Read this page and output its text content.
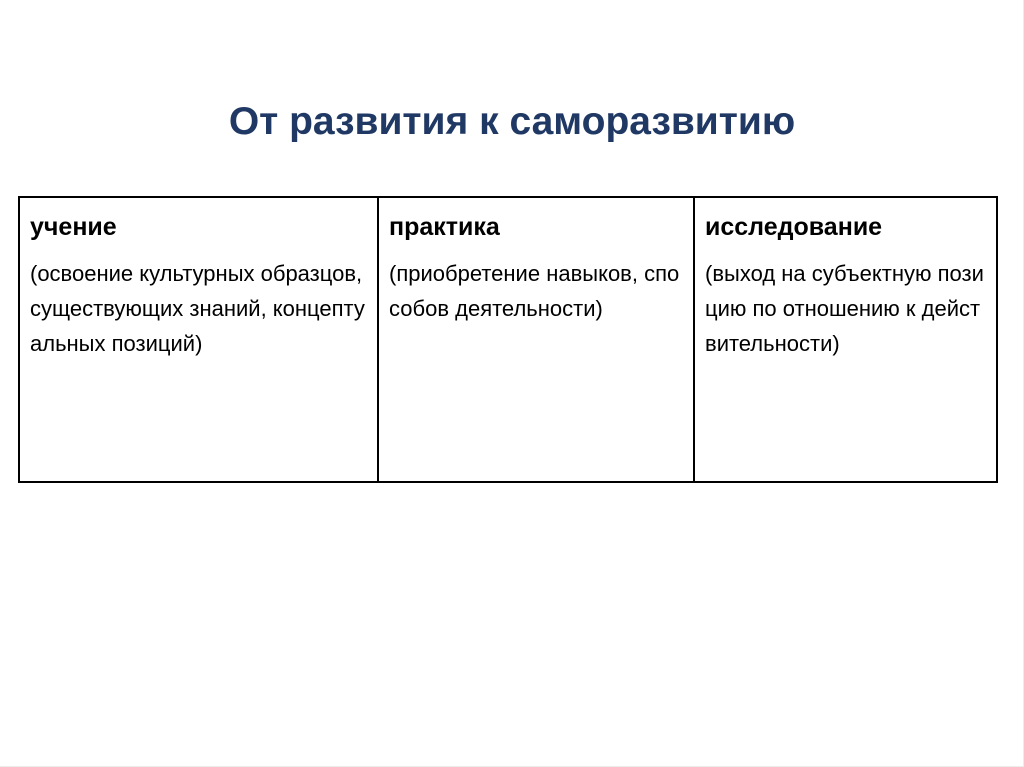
От развития к саморазвитию
учение
(освоение культурных образцов, существующих знаний, концептуальных позиций)
практика
(приобретение навыков, способов деятельности)
исследование
(выход на субъектную позицию по отношению к действительности)
